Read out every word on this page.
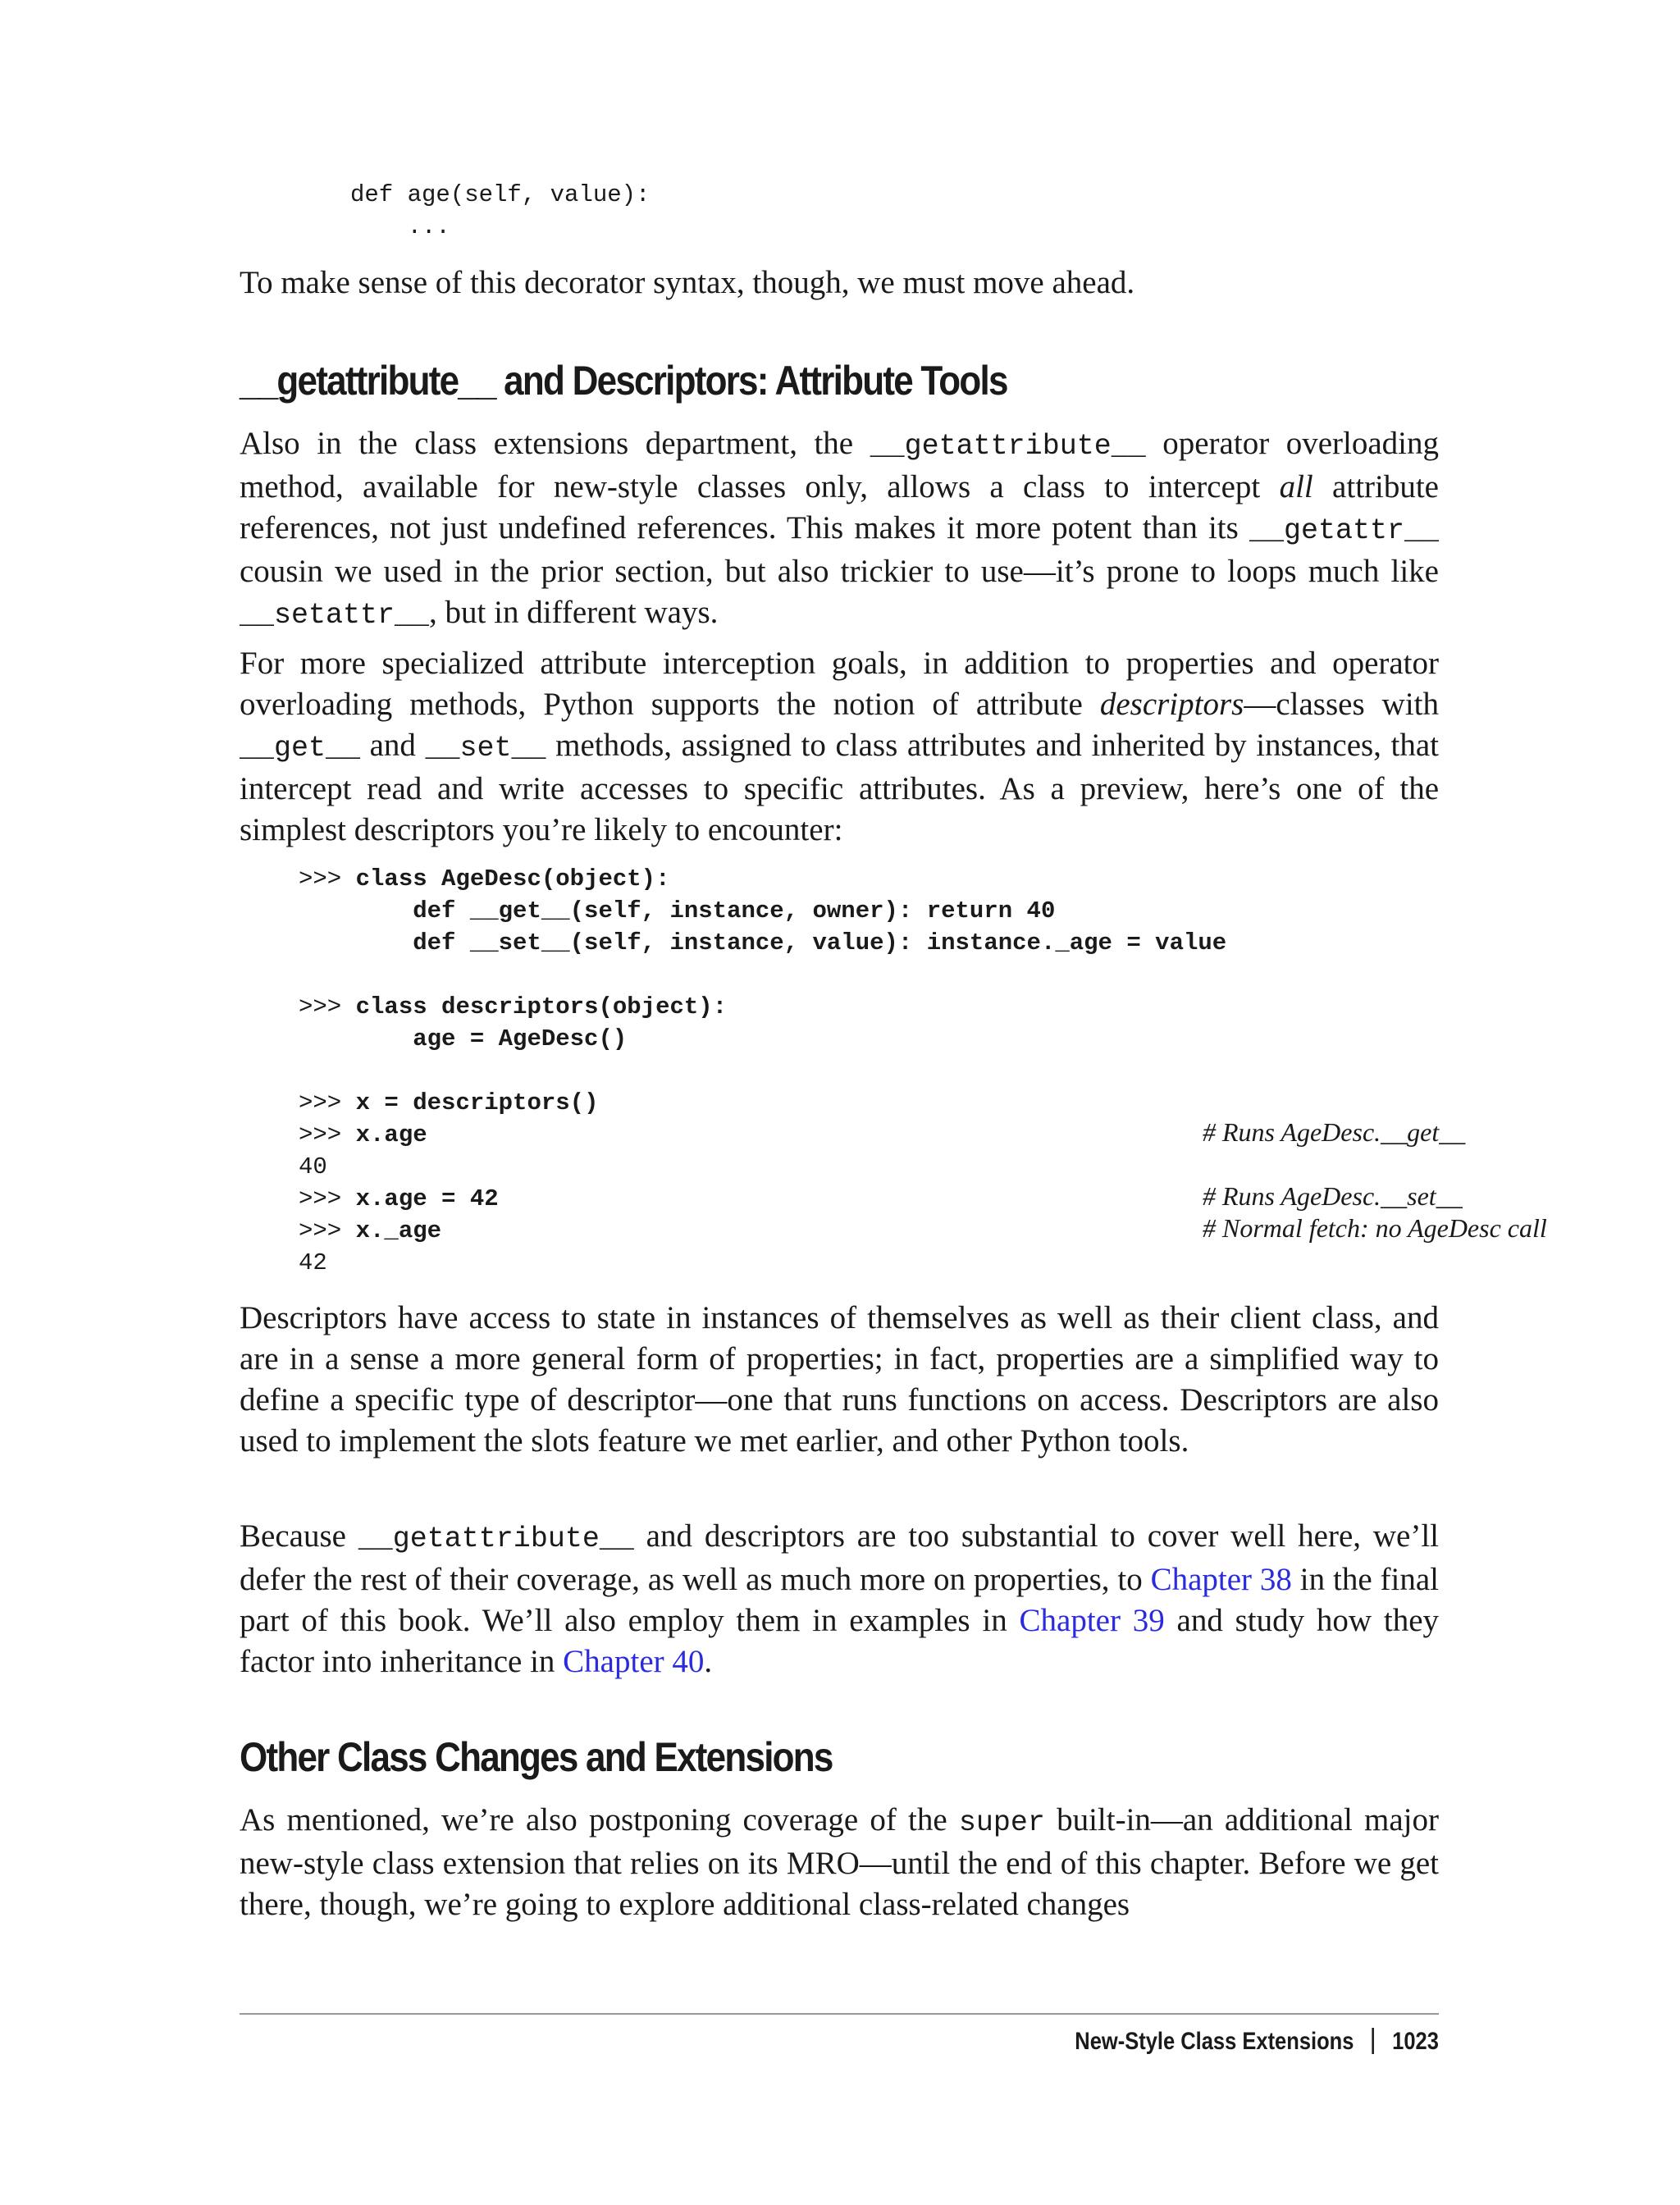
def age(self, value):
...

To make sense of this decorator syntax, though, we must move ahead.

__getattribute__ and Descriptors: Attribute Tools

Also in the class extensions department, the __getattribute__ operator overloading method, available for new-style classes only, allows a class to intercept all attribute references, not just undefined references. This makes it more potent than its __getattr__ cousin we used in the prior section, but also trickier to use—it’s prone to loops much like __setattr__, but in different ways.

For more specialized attribute interception goals, in addition to properties and operator overloading methods, Python supports the notion of attribute descriptors—classes with __get__ and __set__ methods, assigned to class attributes and inherited by instances, that intercept read and write accesses to specific attributes. As a preview, here’s one of the simplest descriptors you’re likely to encounter:

>>> class AgeDesc(object):
def __get__(self, instance, owner): return 40
def __set__(self, instance, value): instance._age = value

>>> class descriptors(object):
age = AgeDesc()

>>> x = descriptors()
>>> x.age
40
>>> x.age = 42
>>> x._age
42
# Runs AgeDesc.__get__
# Runs AgeDesc.__set__
# Normal fetch: no AgeDesc call

Descriptors have access to state in instances of themselves as well as their client class, and are in a sense a more general form of properties; in fact, properties are a simplified way to define a specific type of descriptor—one that runs functions on access. Descriptors are also used to implement the slots feature we met earlier, and other Python tools.

Because __getattribute__ and descriptors are too substantial to cover well here, we’ll defer the rest of their coverage, as well as much more on properties, to Chapter 38 in the final part of this book. We’ll also employ them in examples in Chapter 39 and study how they factor into inheritance in Chapter 40.

Other Class Changes and Extensions

As mentioned, we’re also postponing coverage of the super built-in—an additional major new-style class extension that relies on its MRO—until the end of this chapter. Before we get there, though, we’re going to explore additional class-related changes

New-Style Class Extensions 1023
